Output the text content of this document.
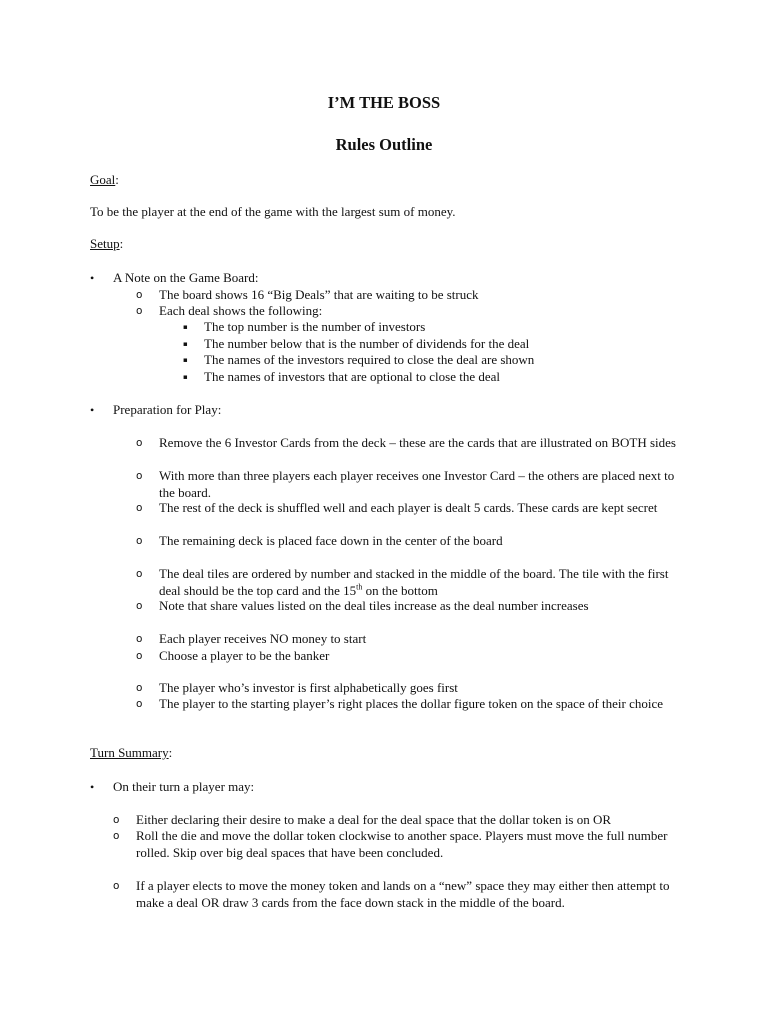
I’M THE BOSS
Rules Outline
Goal:
To be the player at the end of the game with the largest sum of money.
Setup:
• A Note on the Game Board:
o The board shows 16 “Big Deals” that are waiting to be struck
o Each deal shows the following:
▪ The top number is the number of investors
▪ The number below that is the number of dividends for the deal
▪ The names of the investors required to close the deal are shown
▪ The names of investors that are optional to close the deal
• Preparation for Play:
o Remove the 6 Investor Cards from the deck – these are the cards that are illustrated on BOTH sides
o With more than three players each player receives one Investor Card – the others are placed next to the board.
o The rest of the deck is shuffled well and each player is dealt 5 cards. These cards are kept secret
o The remaining deck is placed face down in the center of the board
o The deal tiles are ordered by number and stacked in the middle of the board. The tile with the first deal should be the top card and the 15th on the bottom
o Note that share values listed on the deal tiles increase as the deal number increases
o Each player receives NO money to start
o Choose a player to be the banker
o The player who’s investor is first alphabetically goes first
o The player to the starting player’s right places the dollar figure token on the space of their choice
Turn Summary:
• On their turn a player may:
o Either declaring their desire to make a deal for the deal space that the dollar token is on OR
o Roll the die and move the dollar token clockwise to another space. Players must move the full number rolled. Skip over big deal spaces that have been concluded.
o If a player elects to move the money token and lands on a “new” space they may either then attempt to make a deal OR draw 3 cards from the face down stack in the middle of the board.
